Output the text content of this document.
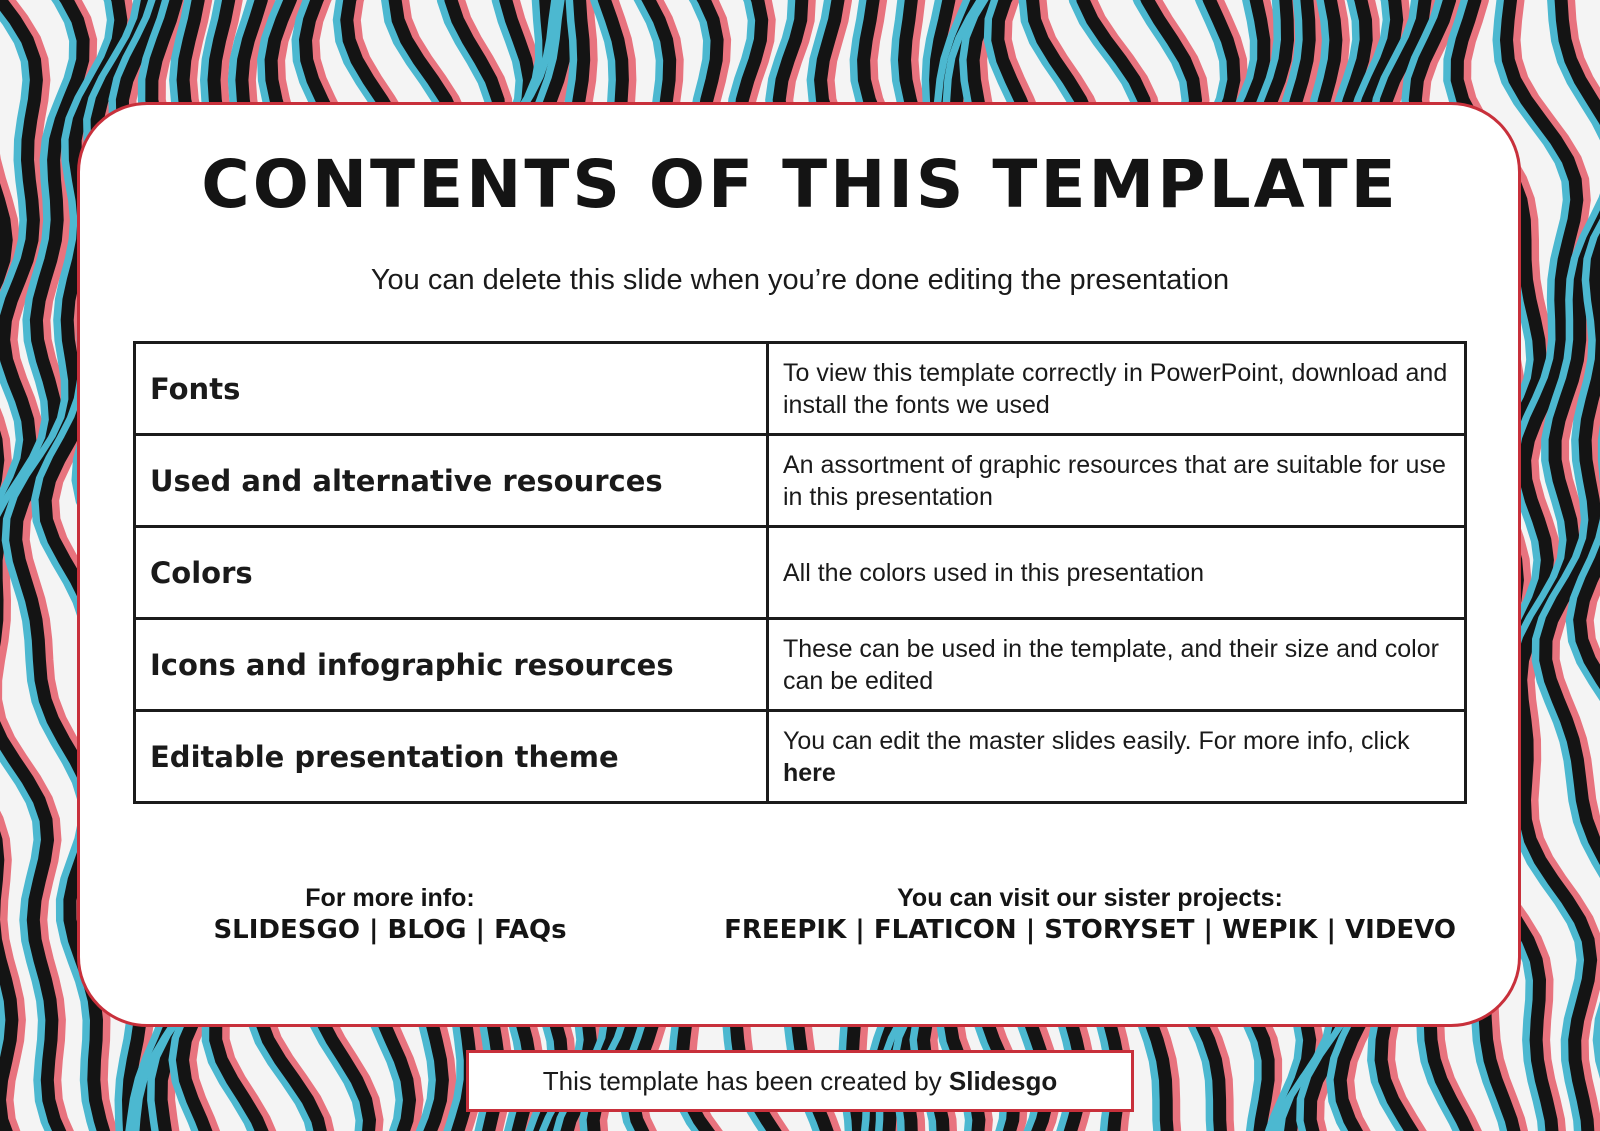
CONTENTS OF THIS TEMPLATE
You can delete this slide when you’re done editing the presentation
Fonts	To view this template correctly in PowerPoint, download and install the fonts we used
Used and alternative resources	An assortment of graphic resources that are suitable for use in this presentation
Colors	All the colors used in this presentation
Icons and infographic resources	These can be used in the template, and their size and color can be edited
Editable presentation theme	You can edit the master slides easily. For more info, click here
For more info:
SLIDESGO | BLOG | FAQs
You can visit our sister projects:
FREEPIK | FLATICON | STORYSET | WEPIK | VIDEVO
This template has been created by Slidesgo
